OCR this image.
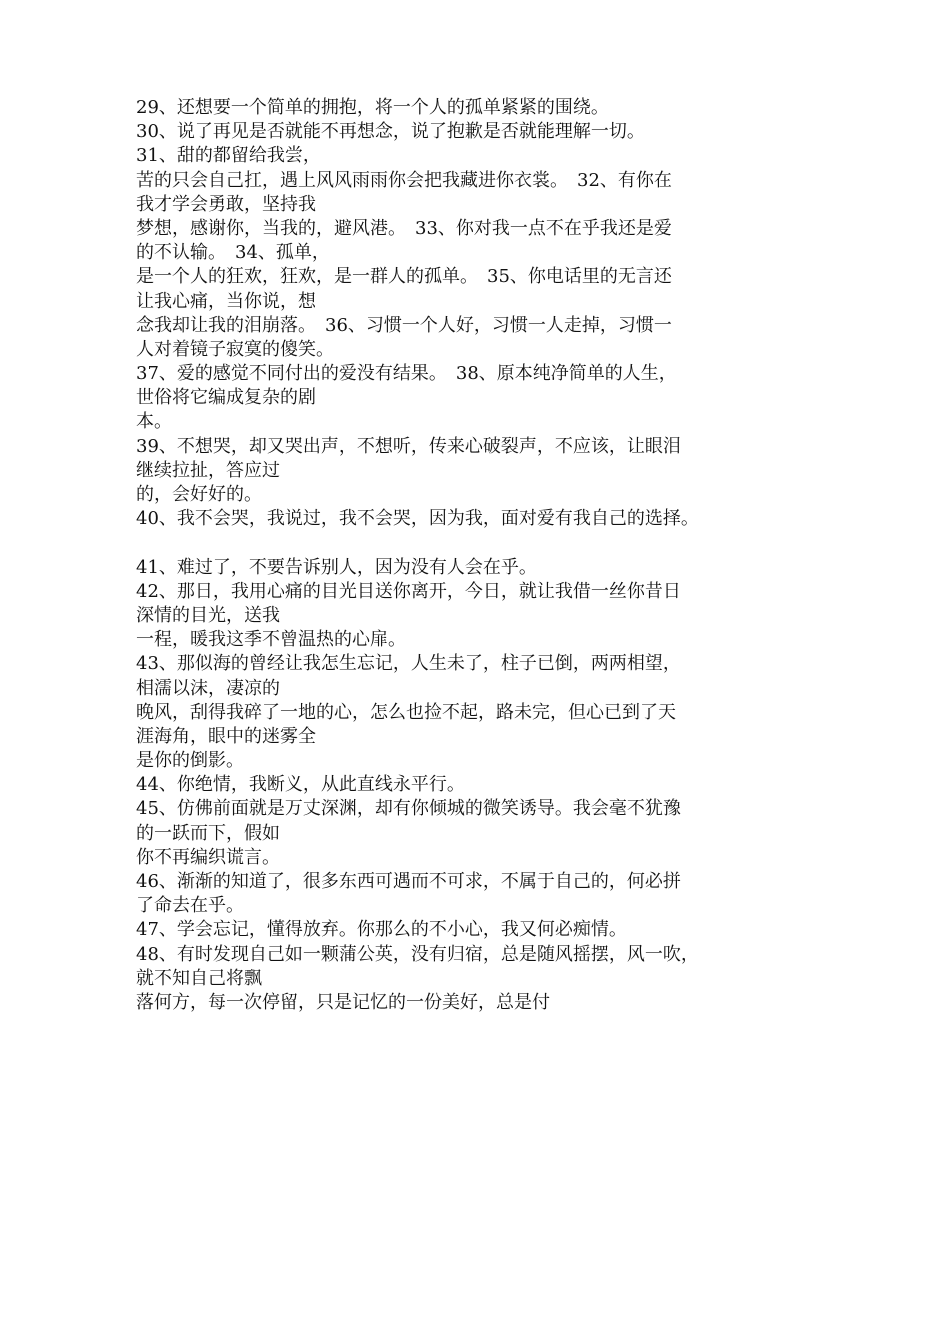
29、还想要一个简单的拥抱，将一个人的孤单紧紧的围绕。
30、说了再见是否就能不再想念，说了抱歉是否就能理解一切。
31、甜的都留给我尝，
苦的只会自己扛，遇上风风雨雨你会把我藏进你衣裳。　32、有你在
我才学会勇敢，坚持我
梦想，感谢你，当我的，避风港。　33、你对我一点不在乎我还是爱
的不认输。　34、孤单，
是一个人的狂欢，狂欢，是一群人的孤单。　35、你电话里的无言还
让我心痛，当你说，想
念我却让我的泪崩落。　36、习惯一个人好，习惯一人走掉，习惯一
人对着镜子寂寞的傻笑。
37、爱的感觉不同付出的爱没有结果。　38、原本纯净简单的人生，
世俗将它编成复杂的剧
本。
39、不想哭，却又哭出声，不想听，传来心破裂声，不应该，让眼泪
继续拉扯，答应过
的，会好好的。
40、我不会哭，我说过，我不会哭，因为我，面对爱有我自己的选择。
41、难过了，不要告诉别人，因为没有人会在乎。
42、那日，我用心痛的目光目送你离开，今日，就让我借一丝你昔日
深情的目光，送我
一程，暖我这季不曾温热的心扉。
43、那似海的曾经让我怎生忘记，人生未了，柱子已倒，两两相望，
相濡以沫，凄凉的
晚风，刮得我碎了一地的心，怎么也捡不起，路未完，但心已到了天
涯海角，眼中的迷雾全
是你的倒影。
44、你绝情，我断义，从此直线永平行。
45、仿佛前面就是万丈深渊，却有你倾城的微笑诱导。我会毫不犹豫
的一跃而下，假如
你不再编织谎言。
46、渐渐的知道了，很多东西可遇而不可求，不属于自己的，何必拼
了命去在乎。
47、学会忘记，懂得放弃。你那么的不小心，我又何必痴情。
48、有时发现自己如一颗蒲公英，没有归宿，总是随风摇摆，风一吹，
就不知自己将飘
落何方，每一次停留，只是记忆的一份美好，总是付
